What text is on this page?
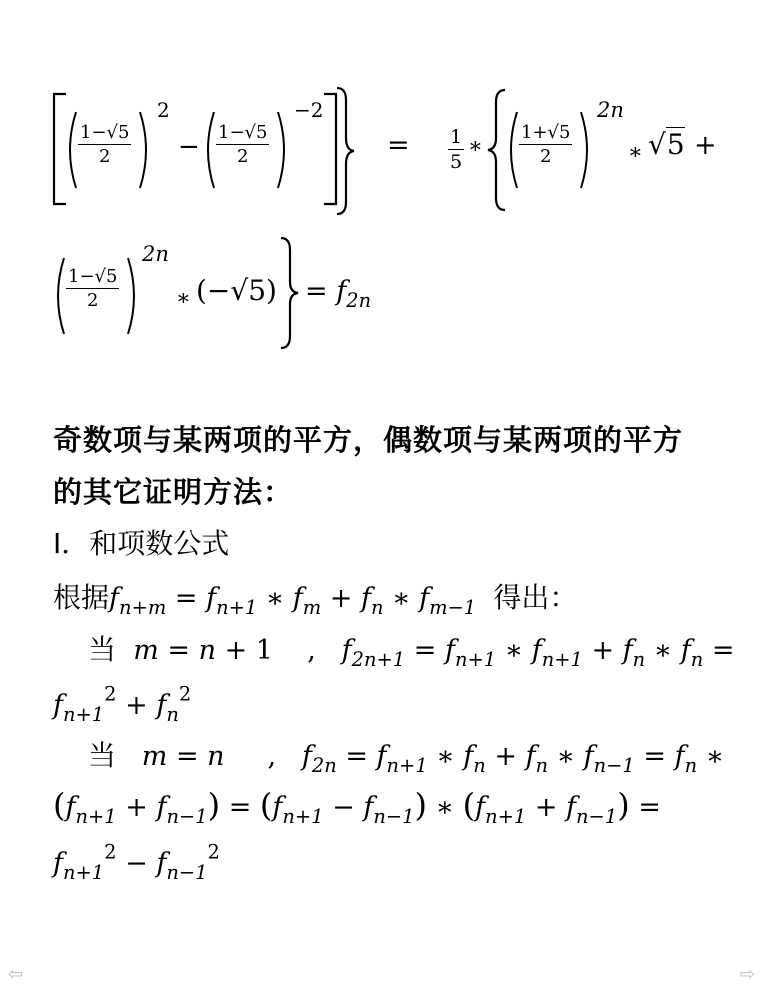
1−√5
2
2
− 1−√5
2
−2
= 1
5
∗
1+√5
2
2n
∗ √5 +
1−√5
2
2n
∗ $(-√5) = f_{2n}$
奇数项与某两项的平方，偶数项与某两项的平方
的其它证明方法：
I．和项数公式
根据$f_{n+m} = f_{n+1}$ ∗ $f_m + f_n$ ∗ $f_{m-1}$ 得出：
当 m = n + 1 , $f_{2n+1} = f_{n+1}$ ∗ $f_{n+1} + f_n$ ∗ $f_n$ =
$f_{n+1}^2 + f_n^2$
当 m = n , $f_{2n} = f_{n+1}$ ∗ $f_n + f_n$ ∗ $f_{n-1} = f_n$ ∗
$(f_{n+1} + f_{n-1}) = (f_{n+1} - f_{n-1})$ ∗ $(f_{n+1} + f_{n-1})$ =
$f_{n+1}^2 - f_{n-1}^2$
⇦	⇨
